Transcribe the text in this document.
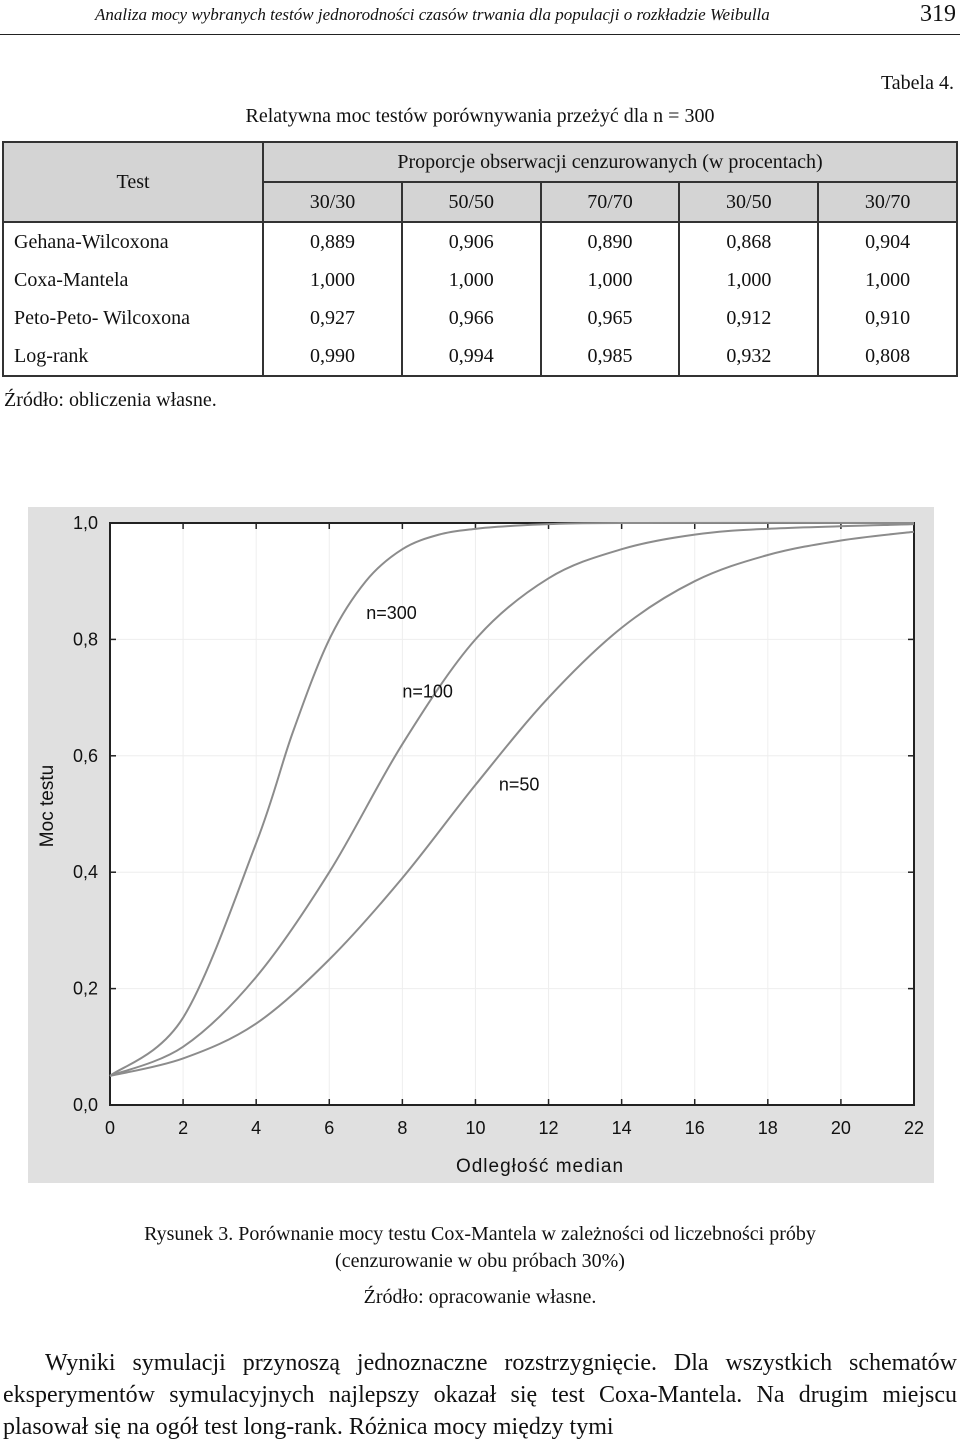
Analiza mocy wybranych testów jednorodności czasów trwania dla populacji o rozkładzie Weibulla	319
Tabela 4.
Relatywna moc testów porównywania przeżyć dla n = 300
Test	Proporcje obserwacji cenzurowanych (w procentach)				
	30/30	50/50	70/70	30/50	30/70
Gehana-Wilcoxona	0,889	0,906	0,890	0,868	0,904
Coxa-Mantela	1,000	1,000	1,000	1,000	1,000
Peto-Peto- Wilcoxona	0,927	0,966	0,965	0,912	0,910
Log-rank	0,990	0,994	0,985	0,932	0,808
Źródło: obliczenia własne.
0	2	4	6	8	10	12	14	16	18	20	22
0,0
0,2
0,4
0,6
0,8
1,0
n=300
n=100
n=50
Odległość median
Moc testu
Rysunek 3. Porównanie mocy testu Cox-Mantela w zależności od liczebności próby
(cenzurowanie w obu próbach 30%)
Źródło: opracowanie własne.
Wyniki symulacji przynoszą jednoznaczne rozstrzygnięcie. Dla wszystkich schematów eksperymentów symulacyjnych najlepszy okazał się test Coxa-Mantela. Na drugim miejscu plasował się na ogół test long-rank. Różnica mocy między tymi
